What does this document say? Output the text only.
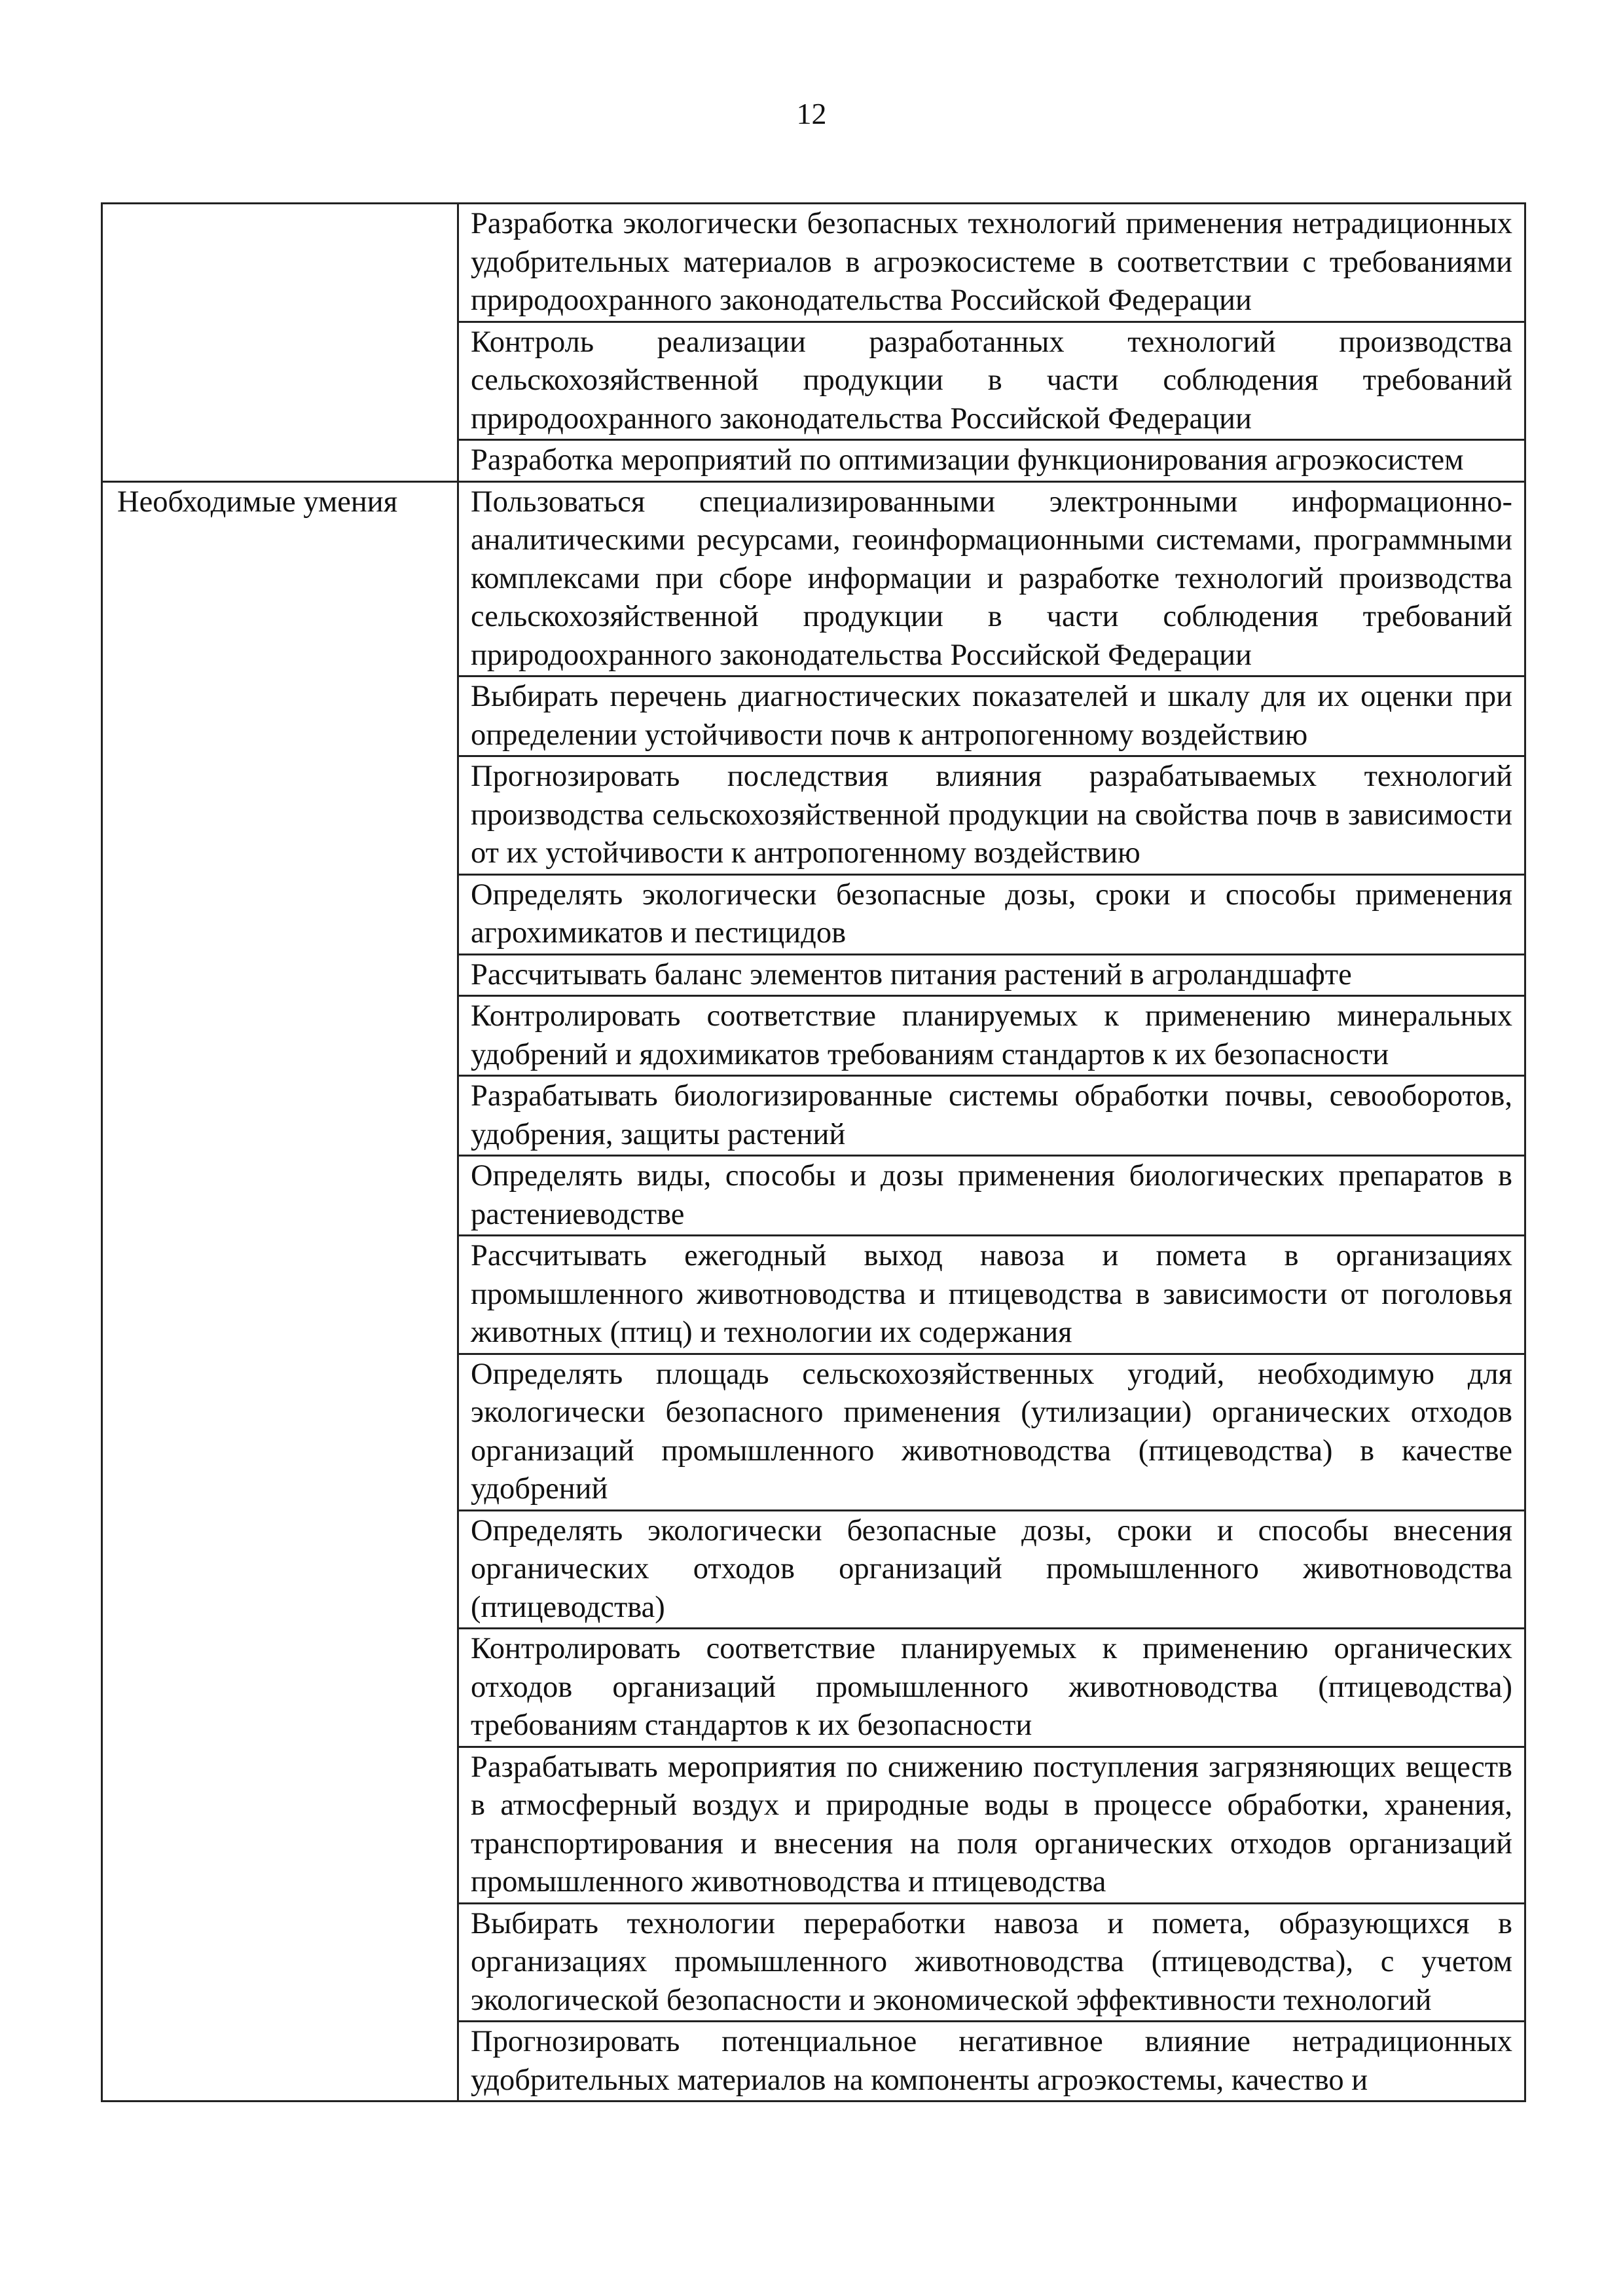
12
	Разработка экологически безопасных технологий применения нетрадиционных удобрительных материалов в агроэкосистеме в соответствии с требованиями природоохранного законодательства Российской Федерации
	Контроль реализации разработанных технологий производства сельскохозяйственной продукции в части соблюдения требований природоохранного законодательства Российской Федерации
	Разработка мероприятий по оптимизации функционирования агроэкосистем
Необходимые умения	Пользоваться специализированными электронными информационно-аналитическими ресурсами, геоинформационными системами, программными комплексами при сборе информации и разработке технологий производства сельскохозяйственной продукции в части соблюдения требований природоохранного законодательства Российской Федерации
	Выбирать перечень диагностических показателей и шкалу для их оценки при определении устойчивости почв к антропогенному воздействию
	Прогнозировать последствия влияния разрабатываемых технологий производства сельскохозяйственной продукции на свойства почв в зависимости от их устойчивости к антропогенному воздействию
	Определять экологически безопасные дозы, сроки и способы применения агрохимикатов и пестицидов
	Рассчитывать баланс элементов питания растений в агроландшафте
	Контролировать соответствие планируемых к применению минеральных удобрений и ядохимикатов требованиям стандартов к их безопасности
	Разрабатывать биологизированные системы обработки почвы, севооборотов, удобрения, защиты растений
	Определять виды, способы и дозы применения биологических препаратов в растениеводстве
	Рассчитывать ежегодный выход навоза и помета в организациях промышленного животноводства и птицеводства в зависимости от поголовья животных (птиц) и технологии их содержания
	Определять площадь сельскохозяйственных угодий, необходимую для экологически безопасного применения (утилизации) органических отходов организаций промышленного животноводства (птицеводства) в качестве удобрений
	Определять экологически безопасные дозы, сроки и способы внесения органических отходов организаций промышленного животноводства (птицеводства)
	Контролировать соответствие планируемых к применению органических отходов организаций промышленного животноводства (птицеводства) требованиям стандартов к их безопасности
	Разрабатывать мероприятия по снижению поступления загрязняющих веществ в атмосферный воздух и природные воды в процессе обработки, хранения, транспортирования и внесения на поля органических отходов организаций промышленного животноводства и птицеводства
	Выбирать технологии переработки навоза и помета, образующихся в организациях промышленного животноводства (птицеводства), с учетом экологической безопасности и экономической эффективности технологий
	Прогнозировать потенциальное негативное влияние нетрадиционных удобрительных материалов на компоненты агроэкостемы, качество и
